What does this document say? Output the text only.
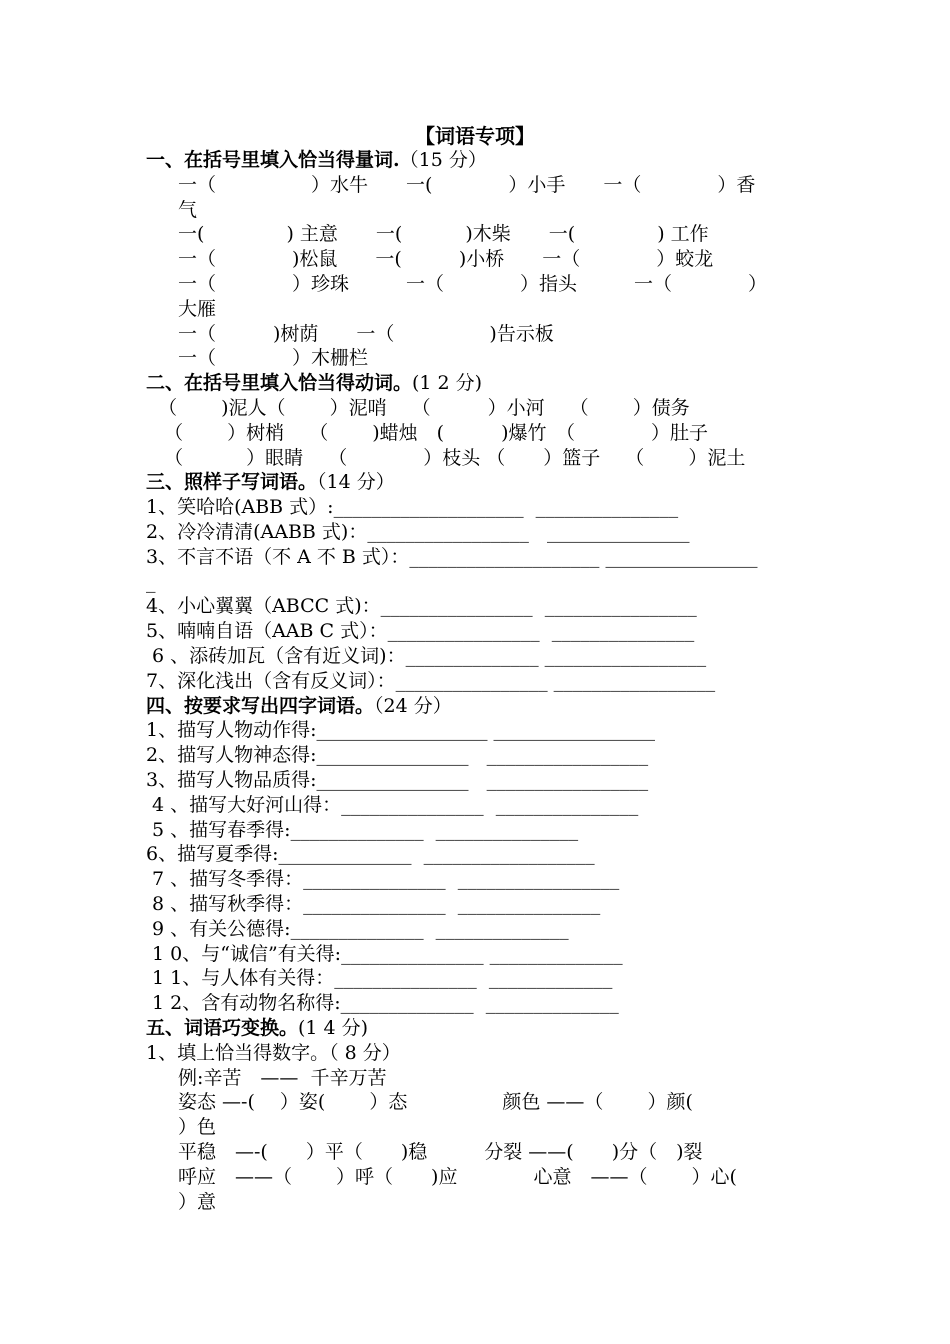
【词语专项】
一、在括号里填入恰当得量词.（15 分）
一（　　　　　）水牛　　一(　　　　）小手　　一（　　　　）香
气
一(　　　　 ) 主意　　一(　　　 )木柴　　一(　　　　 ) 工作
一（　　　　)松鼠　　一(　　　)小桥　　一（　　　　）蛟龙
一（　　　　）珍珠　　　一（　　　　）指头　　　一（　　　　）
大雁
一（　　　)树荫　　一（　　　　　)告示板
一（　　　　）木栅栏
二、在括号里填入恰当得动词。(1 2 分)
（　　 )泥人（　　 ）泥哨　 （　　　）小河　 （　　 ）债务
（　　 ）树梢　 （　　 )蜡烛　(　　　)爆竹　（　　　　）肚子
（　　 　）眼睛　 （　　　　）枝头 （　　）篮子　 （　　 ）泥土
三、照样子写词语。（14 分）
1、笑哈哈(ABB 式）:____________________  _______________
2、冷冷清清(AABB 式)：_________________   _______________
3、不言不语（不 A 不 B 式）：____________________ ________________
_
4、小心翼翼（ABCC 式)：________________  ________________
5、喃喃自语（AAB C 式）：________________  _______________
6 、添砖加瓦（含有近义词)：______________ _________________
7、深化浅出（含有反义词）：________________ _________________
四、按要求写出四字词语。（24 分）
1、描写人物动作得:__________________ _________________
2、描写人物神态得:________________   _________________
3、描写人物品质得:________________   _________________
4 、描写大好河山得：_______________  _______________
5 、描写春季得:______________  _______________
6、描写夏季得:______________  __________________
7 、描写冬季得：_______________  _________________
8 、描写秋季得：_______________  _______________
9 、有关公德得:______________  ______________
1 0、与“诚信”有关得:_______________ ______________
1 1、与人体有关得：_______________  _____________
1 2、含有动物名称得:______________  ______________
五、词语巧变换。(1 4 分)
1、填上恰当得数字。（ 8 分）
例:辛苦　——  千辛万苦
姿态 —-(　 ）姿(　　 ）态　　　　　颜色 ——（　　 ）颜(
）色
平稳　—-(　　）平（　　)稳　　　分裂 ——(　　)分（　)裂
呼应　——（　　 ）呼（　　)应　　　　心意　——（　　 ）心(
）意
